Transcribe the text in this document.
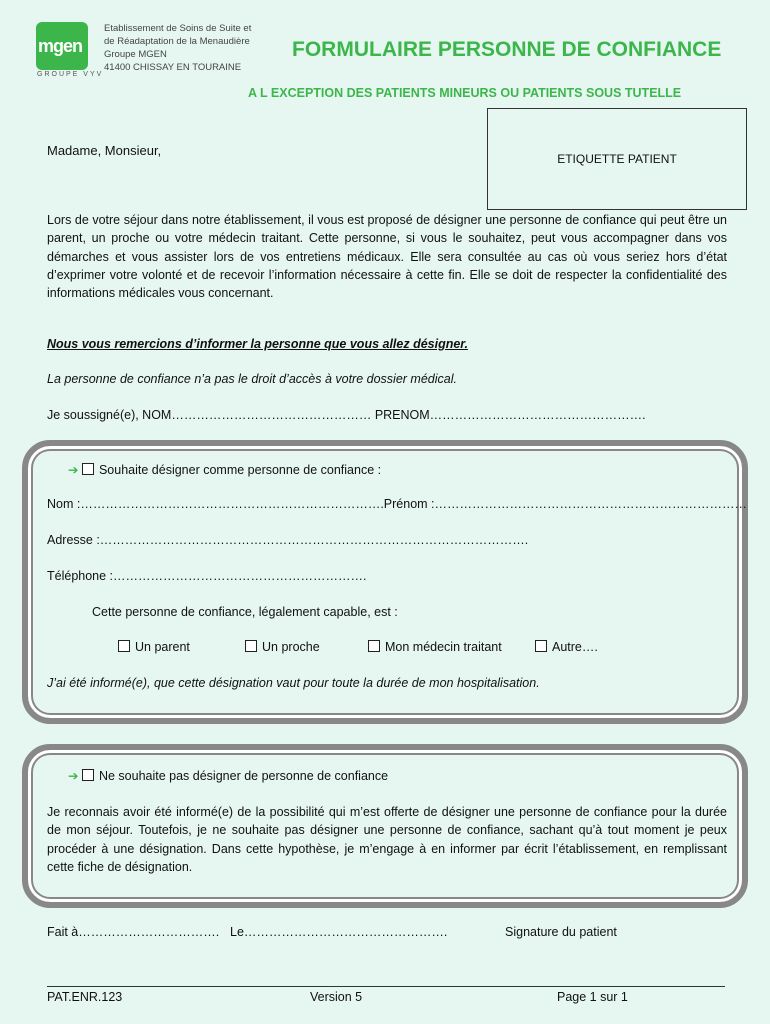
mgen
GROUPE VYV
Etablissement de Soins de Suite et
de Réadaptation de la Menaudière
Groupe MGEN
41400 CHISSAY EN TOURAINE
FORMULAIRE PERSONNE DE CONFIANCE
A L EXCEPTION DES PATIENTS MINEURS OU PATIENTS SOUS TUTELLE
ETIQUETTE PATIENT
Madame, Monsieur,
Lors de votre séjour dans notre établissement, il vous est proposé de désigner une personne de confiance qui peut être un parent, un proche ou votre médecin traitant. Cette personne, si vous le souhaitez, peut vous accompagner dans vos démarches et vous assister lors de vos entretiens médicaux. Elle sera consultée au cas où vous seriez hors d’état d’exprimer votre volonté et de recevoir l’information nécessaire à cette fin. Elle se doit de respecter la confidentialité des informations médicales vous concernant.
Nous vous remercions d’informer la personne que vous allez désigner.
La personne de confiance n’a pas le droit d’accès à votre dossier médical.
Je soussigné(e), NOM………………………………………… PRENOM…………………………………………….
➔ Souhaite désigner comme personne de confiance :
Nom :……………………………………………………………….Prénom :…………………………………………………………………
Adresse :………………………………………………………………………………………….
Téléphone :…………………………………………………….
Cette personne de confiance, légalement capable, est :
Un parent	Un proche	Mon médecin traitant	Autre….
J’ai été informé(e), que cette désignation vaut pour toute la durée de mon hospitalisation.
➔ Ne souhaite pas désigner de personne de confiance
Je reconnais avoir été informé(e) de la possibilité qui m’est offerte de désigner une personne de confiance pour la durée de mon séjour. Toutefois, je ne souhaite pas désigner une personne de confiance, sachant qu’à tout moment je peux procéder à une désignation. Dans cette hypothèse, je m’engage à en informer par écrit l’établissement, en remplissant cette fiche de désignation.
Fait à……………………………. Le………………………………………….	Signature du patient
PAT.ENR.123	Version 5	Page 1 sur 1
